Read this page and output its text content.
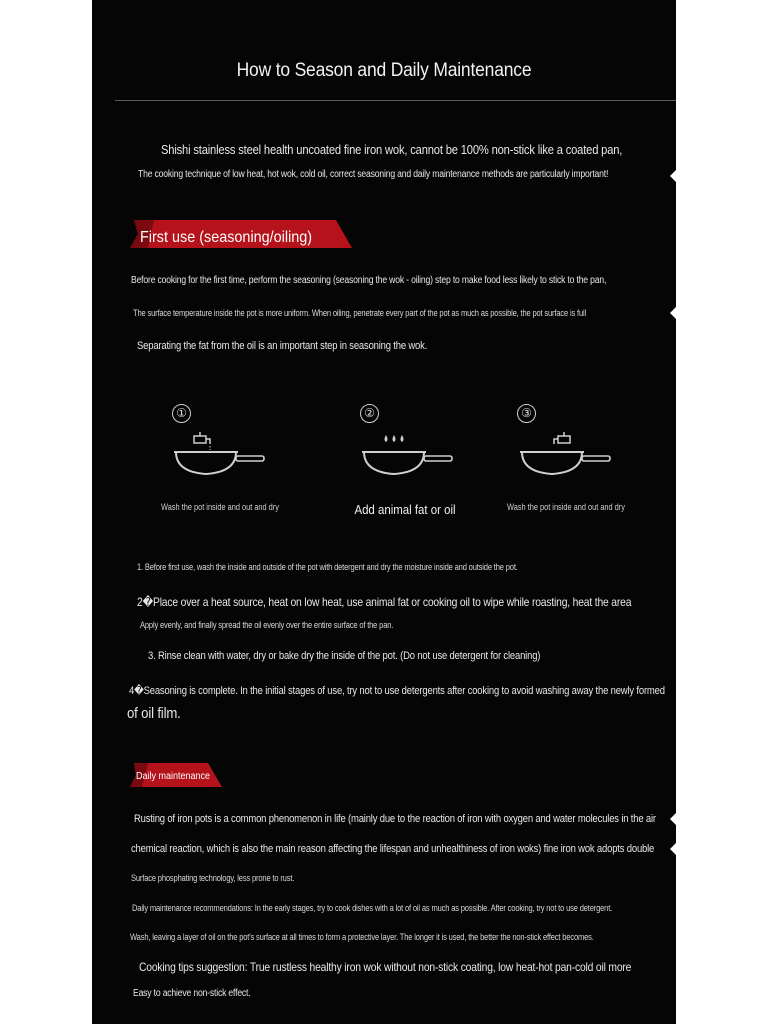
How to Season and Daily Maintenance
Shishi stainless steel health uncoated fine iron wok, cannot be 100% non-stick like a coated pan,
The cooking technique of low heat, hot wok, cold oil, correct seasoning and daily maintenance methods are particularly important!
First use (seasoning/oiling)
Before cooking for the first time, perform the seasoning (seasoning the wok - oiling) step to make food less likely to stick to the pan,
The surface temperature inside the pot is more uniform. When oiling, penetrate every part of the pot as much as possible, the pot surface is full
Separating the fat from the oil is an important step in seasoning the wok.
①	②	③
Wash the pot inside and out and dry	Add animal fat or oil	Wash the pot inside and out and dry
1. Before first use, wash the inside and outside of the pot with detergent and dry the moisture inside and outside the pot.
2�Place over a heat source, heat on low heat, use animal fat or cooking oil to wipe while roasting, heat the area
Apply evenly, and finally spread the oil evenly over the entire surface of the pan.
3. Rinse clean with water, dry or bake dry the inside of the pot. (Do not use detergent for cleaning)
4�Seasoning is complete. In the initial stages of use, try not to use detergents after cooking to avoid washing away the newly formed
of oil film.
Daily maintenance
Rusting of iron pots is a common phenomenon in life (mainly due to the reaction of iron with oxygen and water molecules in the air
chemical reaction, which is also the main reason affecting the lifespan and unhealthiness of iron woks) fine iron wok adopts double
Surface phosphating technology, less prone to rust.
Daily maintenance recommendations: In the early stages, try to cook dishes with a lot of oil as much as possible. After cooking, try not to use detergent.
Wash, leaving a layer of oil on the pot's surface at all times to form a protective layer. The longer it is used, the better the non-stick effect becomes.
Cooking tips suggestion: True rustless healthy iron wok without non-stick coating, low heat-hot pan-cold oil more
Easy to achieve non-stick effect.
